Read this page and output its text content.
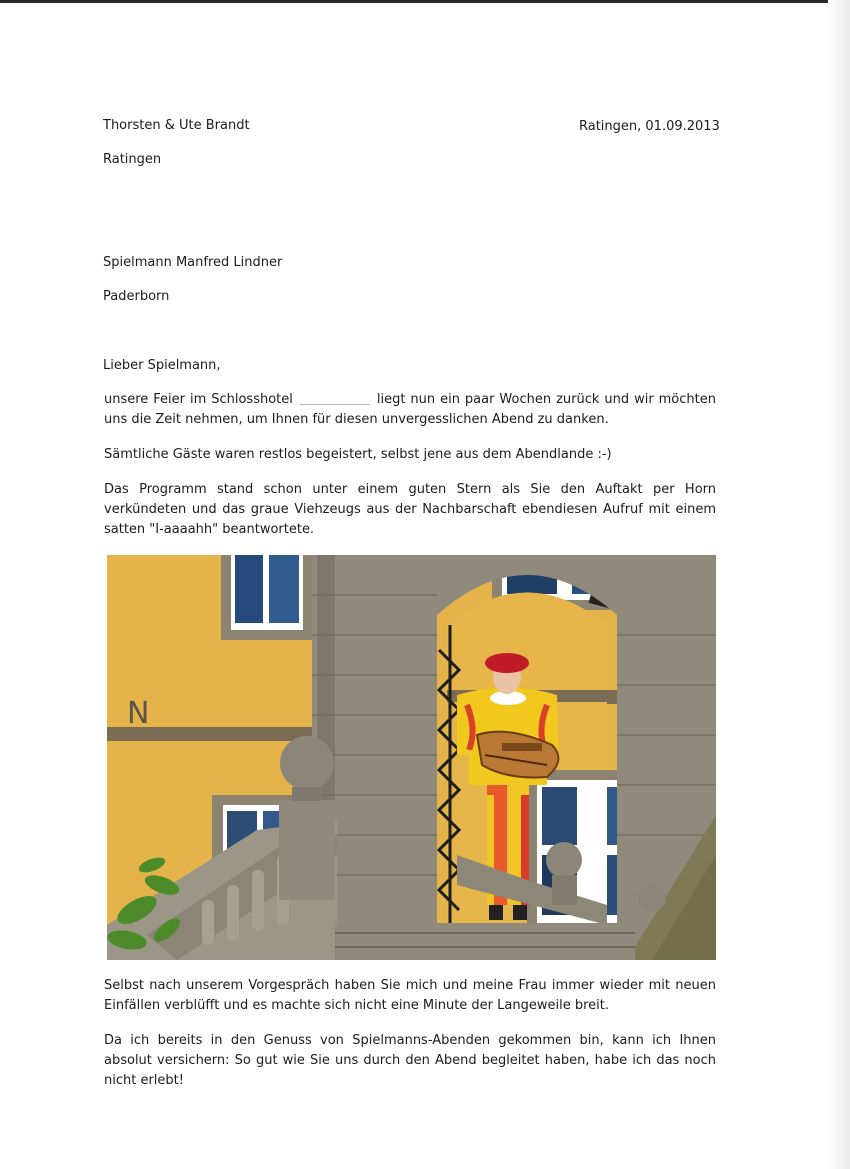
Thorsten & Ute Brandt	Ratingen, 01.09.2013
Ratingen
Spielmann Manfred Lindner
Paderborn
Lieber Spielmann,
unsere Feier im Schlosshotel	liegt nun ein paar Wochen zurück und wir möchten uns die Zeit nehmen, um Ihnen für diesen unvergesslichen Abend zu danken.
Sämtliche Gäste waren restlos begeistert, selbst jene aus dem Abendlande :-)
Das Programm stand schon unter einem guten Stern als Sie den Auftakt per Horn verkündeten und das graue Viehzeugs aus der Nachbarschaft ebendiesen Aufruf mit einem satten "I-aaaahh" beantwortete.
N
Selbst nach unserem Vorgespräch haben Sie mich und meine Frau immer wieder mit neuen Einfällen verblüfft und es machte sich nicht eine Minute der Langeweile breit.
Da ich bereits in den Genuss von Spielmanns-Abenden gekommen bin, kann ich Ihnen absolut versichern: So gut wie Sie uns durch den Abend begleitet haben, habe ich das noch nicht erlebt!
